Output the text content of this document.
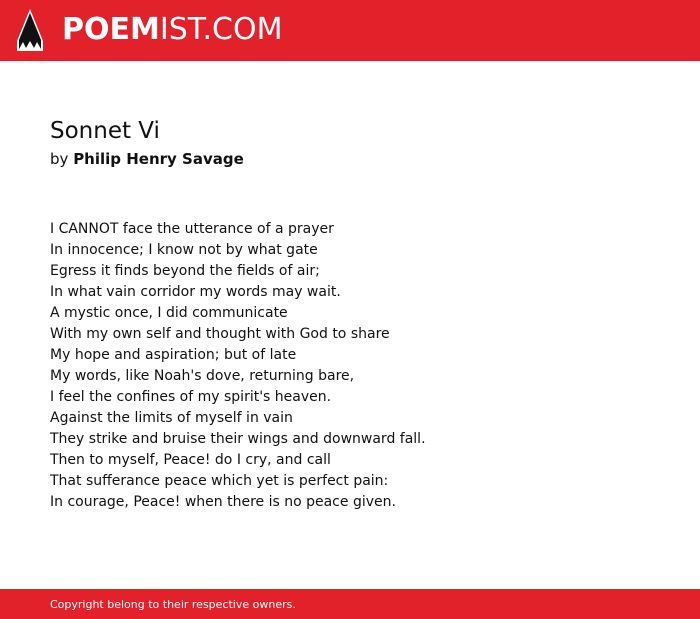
POEMIST.COM
Sonnet Vi
by Philip Henry Savage
I CANNOT face the utterance of a prayer
In innocence; I know not by what gate
Egress it finds beyond the fields of air;
In what vain corridor my words may wait.
A mystic once, I did communicate
With my own self and thought with God to share
My hope and aspiration; but of late
My words, like Noah's dove, returning bare,
I feel the confines of my spirit's heaven.
Against the limits of myself in vain
They strike and bruise their wings and downward fall.
Then to myself, Peace! do I cry, and call
That sufferance peace which yet is perfect pain:
In courage, Peace! when there is no peace given.
Copyright belong to their respective owners.
